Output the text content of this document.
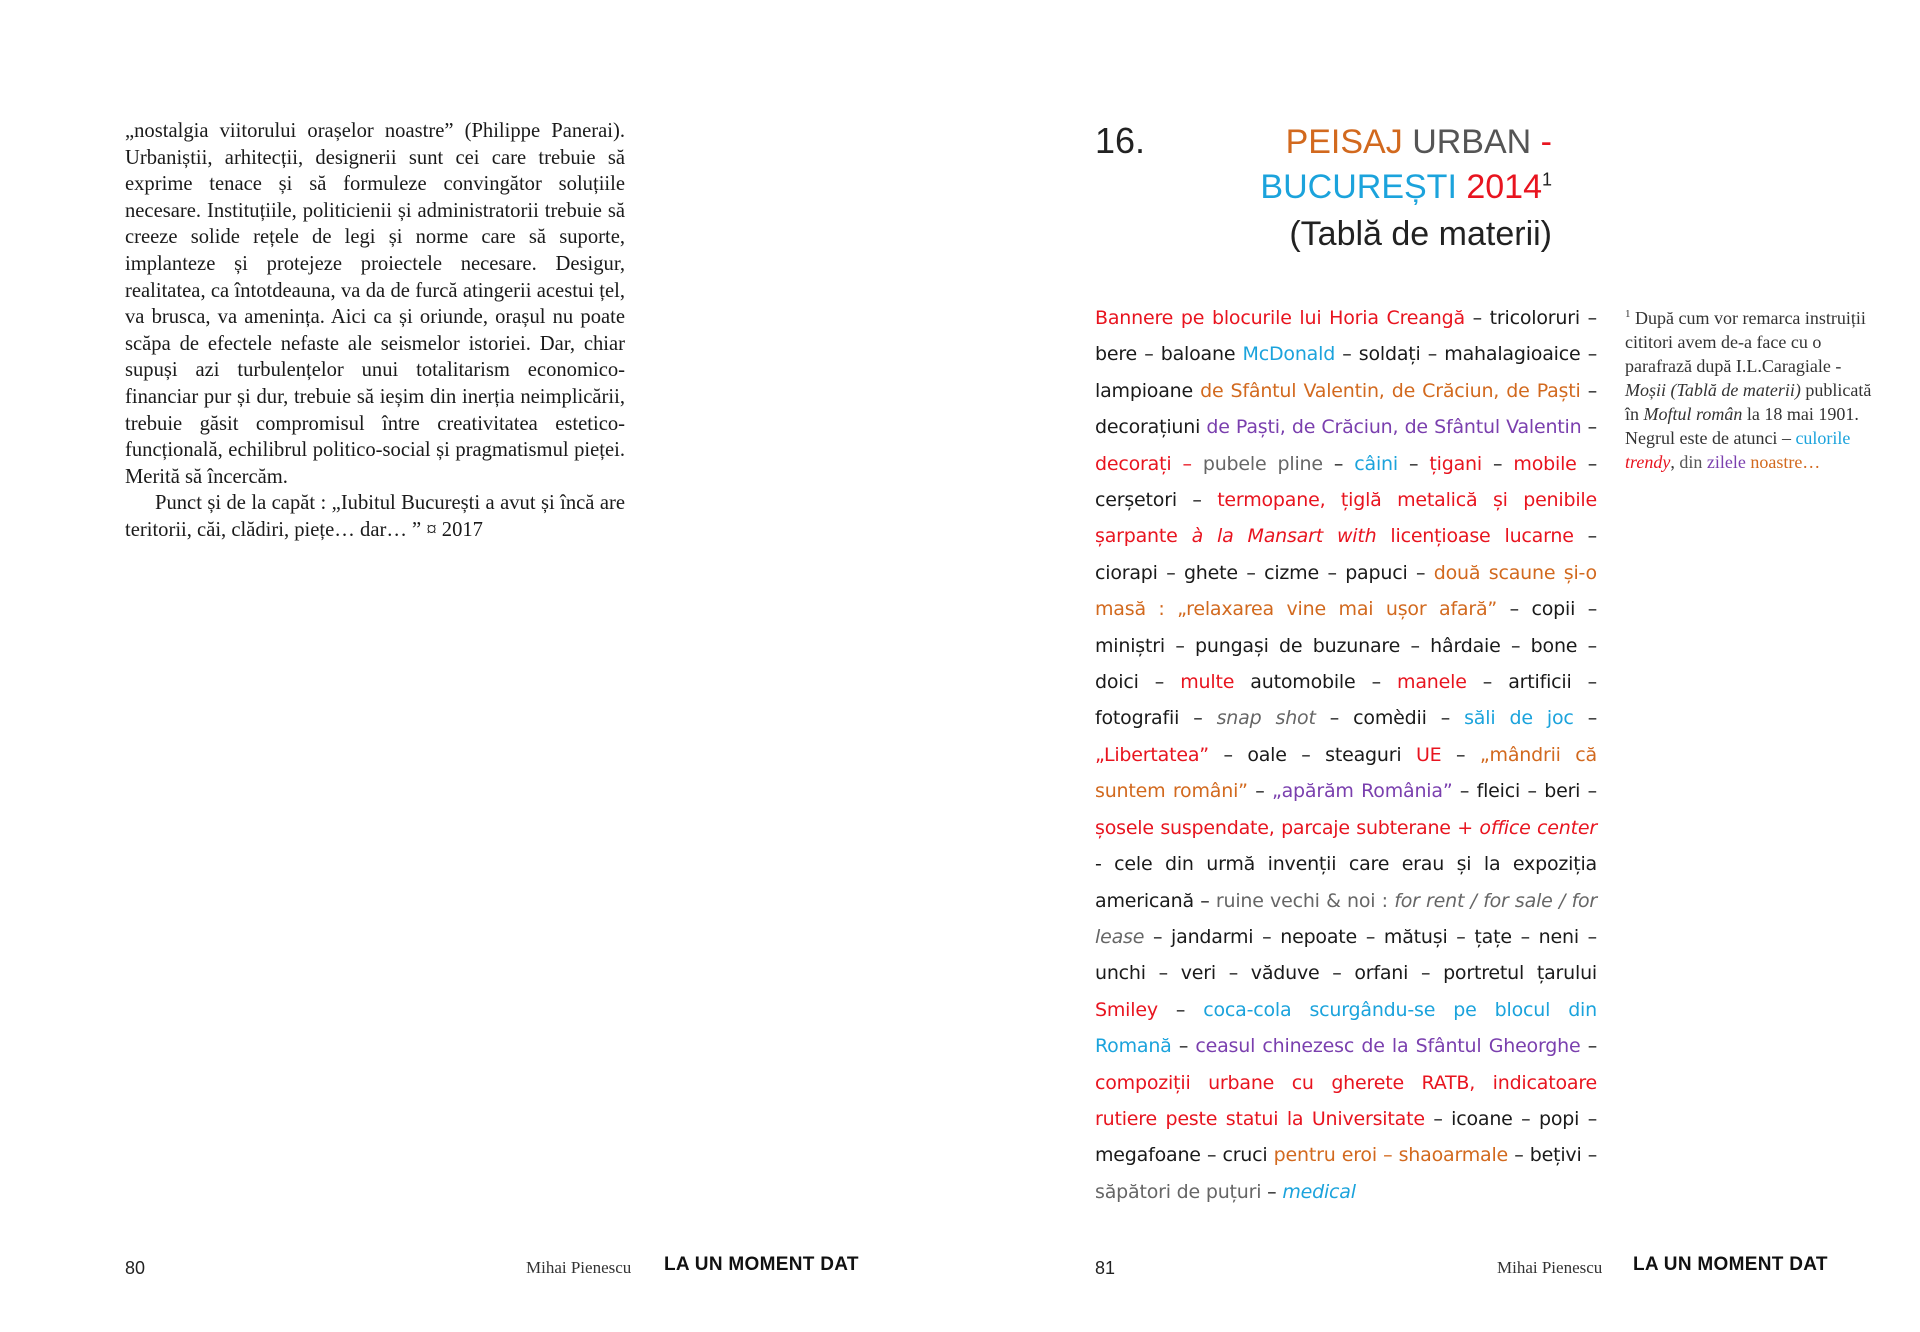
„nostalgia viitorului orașelor noastre” (Philippe Panerai). Urbaniștii, arhitecții, designerii sunt cei care trebuie să exprime tenace și să formuleze convingător soluțiile necesare. Instituțiile, politicienii și administratorii trebuie să creeze solide rețele de legi și norme care să suporte, implanteze și protejeze proiectele necesare. Desigur, realitatea, ca întotdeauna, va da de furcă atingerii acestui țel, va brusca, va amenința. Aici ca și oriunde, orașul nu poate scăpa de efectele nefaste ale seismelor istoriei. Dar, chiar supuși azi turbulențelor unui totalitarism economico-financiar pur și dur, trebuie să ieșim din inerția neimplicării, trebuie găsit compromisul între creativitatea estetico-funcțională, echilibrul politico-social și pragmatismul pieței. Merită să încercăm.

Punct și de la capăt : „Iubitul București a avut și încă are teritorii, căi, clădiri, piețe… dar… ” ¤ 2017

80	Mihai Pienescu LA UN MOMENT DAT
16.	PEISAJ URBAN -
BUCUREȘTI 2014$^1$
(Tablă de materii)
Bannere pe blocurile lui Horia Creangă – tricoloruri – bere – baloane McDonald – soldați – mahalagioaice – lampioane de Sfântul Valentin, de Crăciun, de Paști – decorațiuni de Paști, de Crăciun, de Sfântul Valentin – decorați – pubele pline – câini – țigani – mobile – cerșetori – termopane, țiglă metalică și penibile șarpante à la Mansart with licențioase lucarne – ciorapi – ghete – cizme – papuci – două scaune și-o masă : „relaxarea vine mai ușor afară” – copii – miniștri – pungași de buzunare – hârdaie – bone – doici – multe automobile – manele – artificii – fotografii – snap shot – comèdii – săli de joc – „Libertatea” – oale – steaguri UE – „mândrii că suntem români” – „apărăm România” – fleici – beri – șosele suspendate, parcaje subterane + office center - cele din urmă invenții care erau și la expoziția americană – ruine vechi & noi : for rent / for sale / for lease – jandarmi – nepoate – mătuși – țațe – neni – unchi – veri – văduve – orfani – portretul țarului Smiley – coca-cola scurgându-se pe blocul din Romană – ceasul chinezesc de la Sfântul Gheorghe – compoziții urbane cu gherete RATB, indicatoare rutiere peste statui la Universitate – icoane – popi – megafoane – cruci pentru eroi – shaoarmale – bețivi – săpători de puțuri – medical
$^1$ După cum vor remarca instruiții cititori avem de-a face cu o parafrază după I.L.Caragiale - Moșii (Tablă de materii) publicată în Moftul român la 18 mai 1901. Negrul este de atunci – culorile trendy, din zilele noastre…
81	Mihai Pienescu LA UN MOMENT DAT
